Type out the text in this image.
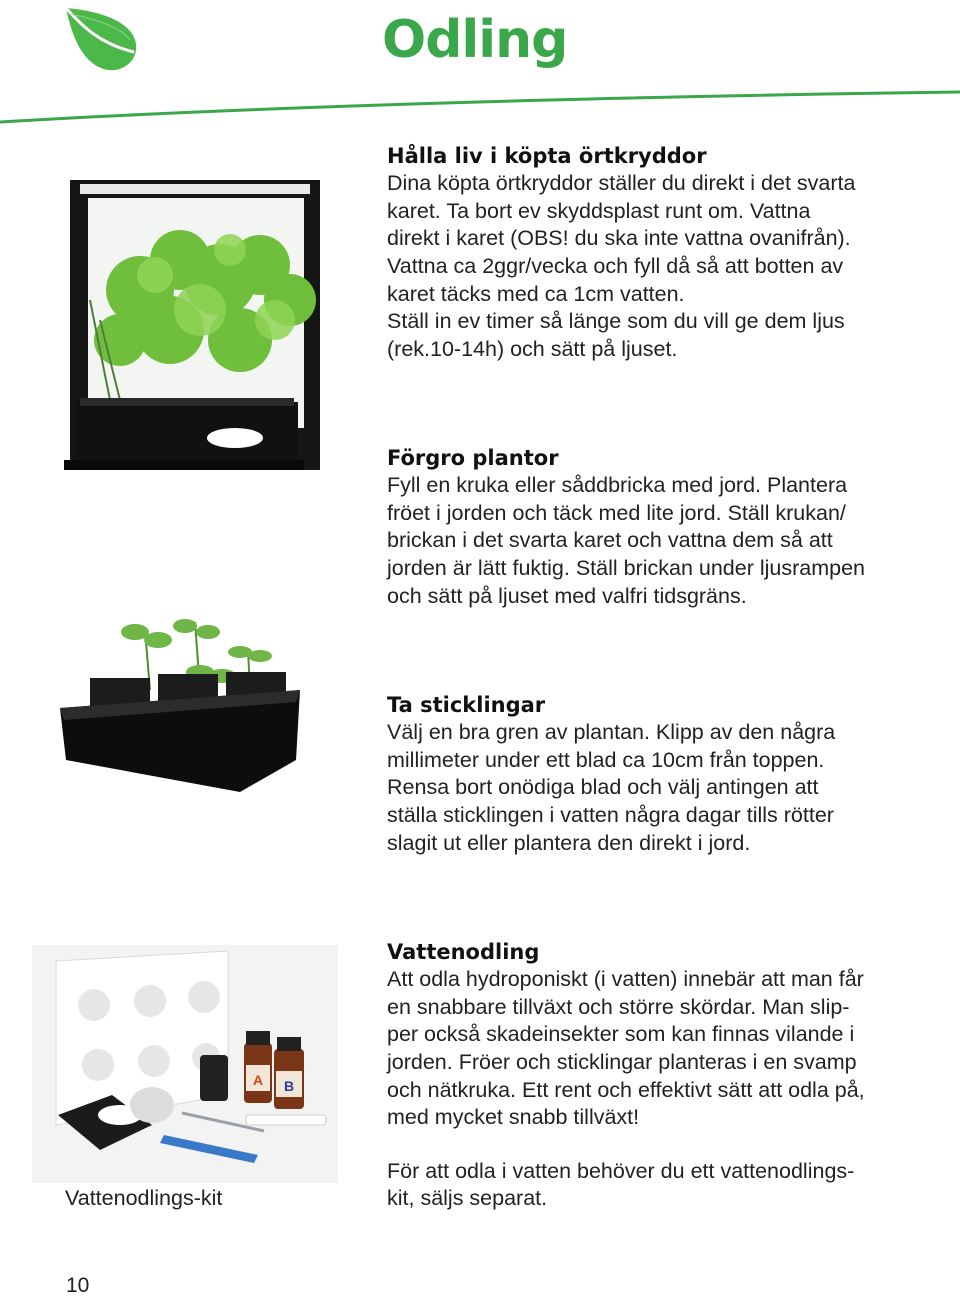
Odling
Hålla liv i köpta örtkryddor

Dina köpta örtkryddor ställer du direkt i det svarta

karet. Ta bort ev skyddsplast runt om. Vattna

direkt i karet (OBS! du ska inte vattna ovanifrån).

Vattna ca 2ggr/vecka och fyll då så att botten av

karet täcks med ca 1cm vatten.

Ställ in ev timer så länge som du vill ge dem ljus

(rek.10-14h) och sätt på ljuset.

Förgro plantor

Fyll en kruka eller såddbricka med jord. Plantera

fröet i jorden och täck med lite jord. Ställ krukan/

brickan i det svarta karet och vattna dem så att

jorden är lätt fuktig. Ställ brickan under ljusrampen

och sätt på ljuset med valfri tidsgräns.

Ta sticklingar

Välj en bra gren av plantan. Klipp av den några

millimeter under ett blad ca 10cm från toppen.

Rensa bort onödiga blad och välj antingen att

ställa sticklingen i vatten några dagar tills rötter

slagit ut eller plantera den direkt i jord.

Vattenodling

Att odla hydroponiskt (i vatten) innebär att man får

en snabbare tillväxt och större skördar. Man slip-

per också skadeinsekter som kan finnas vilande i

jorden. Fröer och sticklingar planteras i en svamp

och nätkruka. Ett rent och effektivt sätt att odla på,

med mycket snabb tillväxt!

För att odla i vatten behöver du ett vattenodlings-

kit, säljs separat.

A B
Vattenodlings-kit
10
